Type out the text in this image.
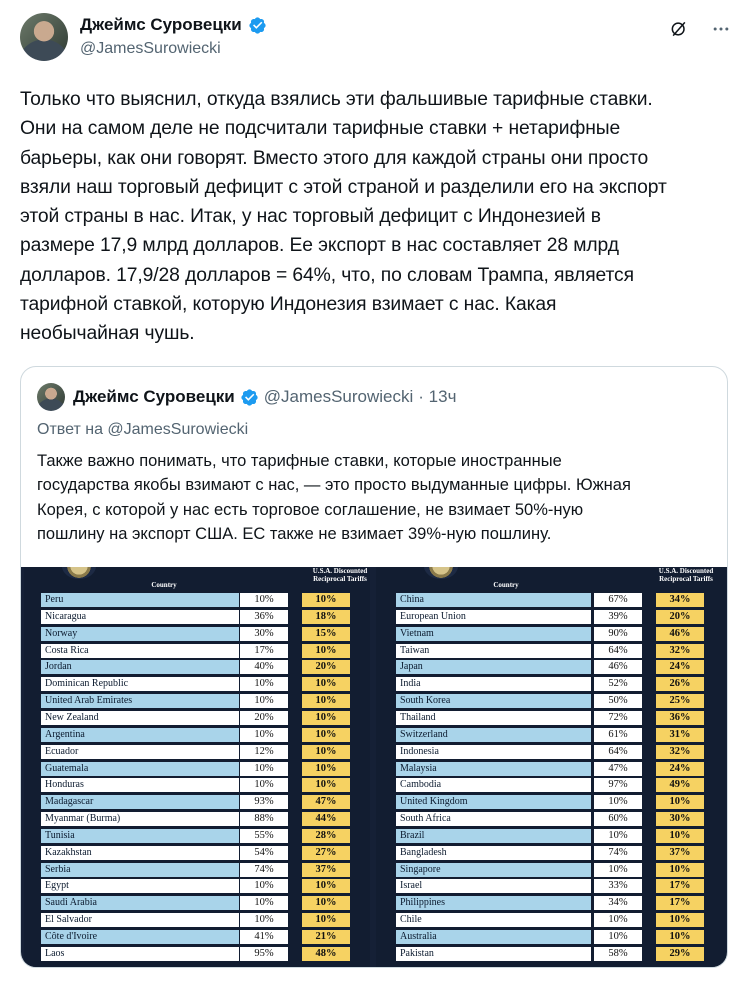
Джеймс Суровецки
@JamesSurowiecki
Только что выяснил, откуда взялись эти фальшивые тарифные ставки.
Они на самом деле не подсчитали тарифные ставки + нетарифные
барьеры, как они говорят. Вместо этого для каждой страны они просто
взяли наш торговый дефицит с этой страной и разделили его на экспорт
этой страны в нас. Итак, у нас торговый дефицит с Индонезией в
размере 17,9 млрд долларов. Ее экспорт в нас составляет 28 млрд
долларов. 17,9/28 долларов = 64%, что, по словам Трампа, является
тарифной ставкой, которую Индонезия взимает с нас. Какая
необычайная чушь.
Джеймс Суровецки @JamesSurowiecki · 13ч
Ответ на @JamesSurowiecki
Также важно понимать, что тарифные ставки, которые иностранные
государства якобы взимают с нас, — это просто выдуманные цифры. Южная
Корея, с которой у нас есть торговое соглашение, не взимает 50%-ную
пошлину на экспорт США. ЕС также не взимает 39%-ную пошлину.
Country
U.S.A. Discounted Reciprocal Tariffs
Peru	10%	10%
Nicaragua	36%	18%
Norway	30%	15%
Costa Rica	17%	10%
Jordan	40%	20%
Dominican Republic	10%	10%
United Arab Emirates	10%	10%
New Zealand	20%	10%
Argentina	10%	10%
Ecuador	12%	10%
Guatemala	10%	10%
Honduras	10%	10%
Madagascar	93%	47%
Myanmar (Burma)	88%	44%
Tunisia	55%	28%
Kazakhstan	54%	27%
Serbia	74%	37%
Egypt	10%	10%
Saudi Arabia	10%	10%
El Salvador	10%	10%
Côte d'Ivoire	41%	21%
Laos	95%	48%
Country
U.S.A. Discounted Reciprocal Tariffs
China	67%	34%
European Union	39%	20%
Vietnam	90%	46%
Taiwan	64%	32%
Japan	46%	24%
India	52%	26%
South Korea	50%	25%
Thailand	72%	36%
Switzerland	61%	31%
Indonesia	64%	32%
Malaysia	47%	24%
Cambodia	97%	49%
United Kingdom	10%	10%
South Africa	60%	30%
Brazil	10%	10%
Bangladesh	74%	37%
Singapore	10%	10%
Israel	33%	17%
Philippines	34%	17%
Chile	10%	10%
Australia	10%	10%
Pakistan	58%	29%
